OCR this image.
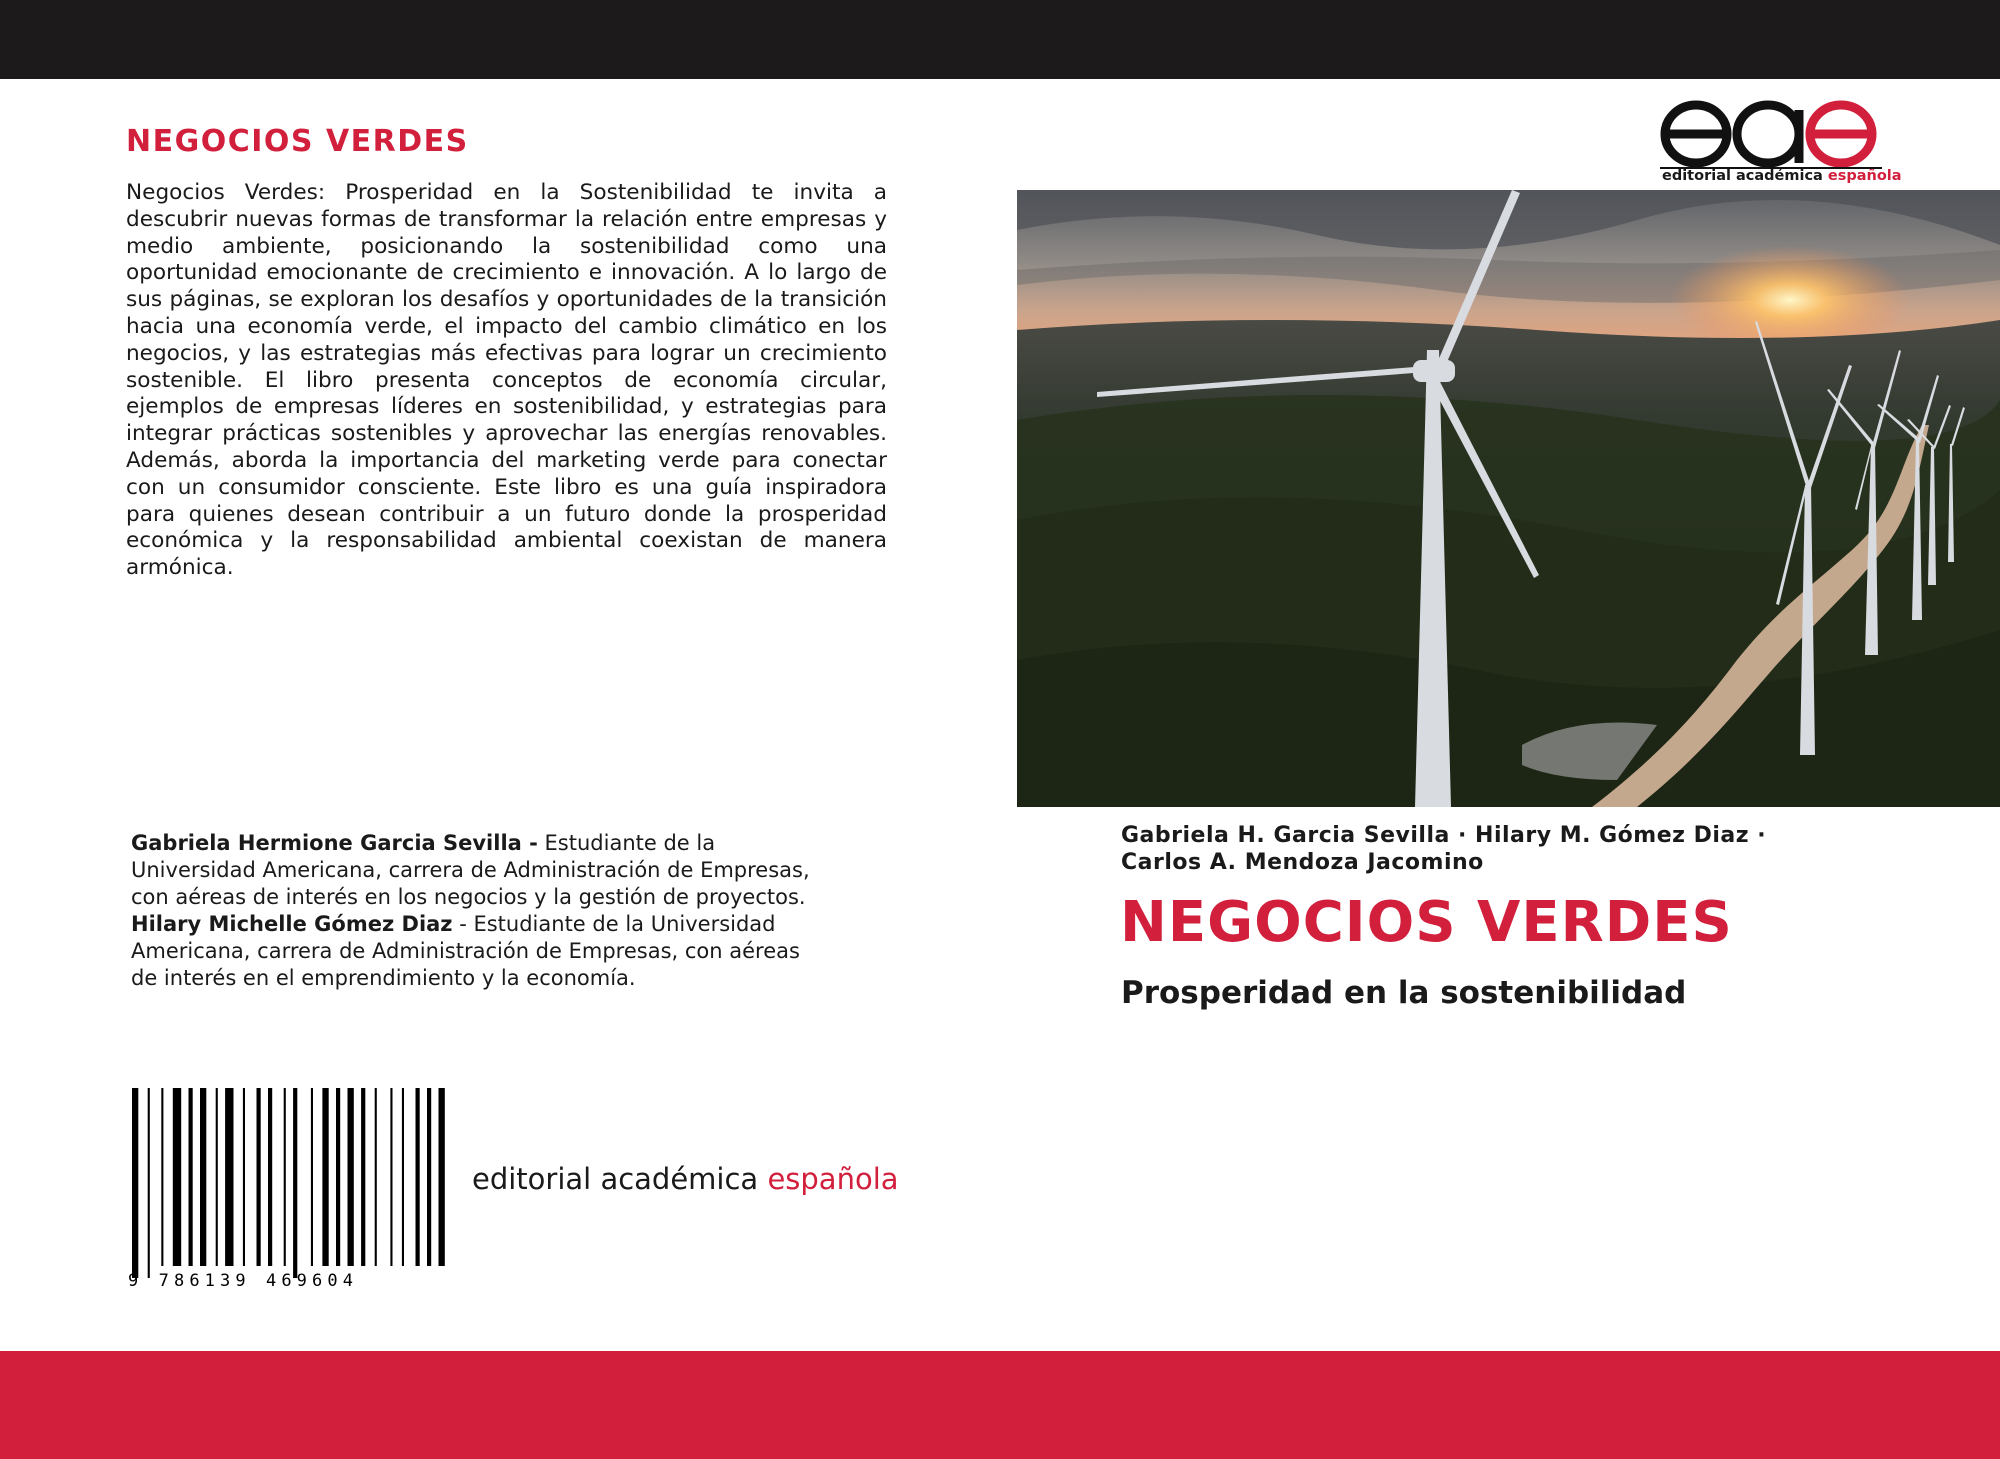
NEGOCIOS VERDES

Negocios Verdes: Prosperidad en la Sostenibilidad te invita a descubrir nuevas formas de transformar la relación entre empresas y medio ambiente, posicionando la sostenibilidad como una oportunidad emocionante de crecimiento e innovación. A lo largo de sus páginas, se exploran los desafíos y oportunidades de la transición hacia una economía verde, el impacto del cambio climático en los negocios, y las estrategias más efectivas para lograr un crecimiento sostenible. El libro presenta conceptos de economía circular, ejemplos de empresas líderes en sostenibilidad, y estrategias para integrar prácticas sostenibles y aprovechar las energías renovables. Además, aborda la importancia del marketing verde para conectar con un consumidor consciente. Este libro es una guía inspiradora para quienes desean contribuir a un futuro donde la prosperidad económica y la responsabilidad ambiental coexistan de manera armónica.

Gabriela Hermione Garcia Sevilla - Estudiante de la Universidad Americana, carrera de Administración de Empresas, con aéreas de interés en los negocios y la gestión de proyectos. Hilary Michelle Gómez Diaz - Estudiante de la Universidad Americana, carrera de Administración de Empresas, con aéreas de interés en el emprendimiento y la economía.

9 786139 469604
editorial académica española
editorial académica española
Gabriela H. Garcia Sevilla · Hilary M. Gómez Diaz ·
Carlos A. Mendoza Jacomino
NEGOCIOS VERDES
Prosperidad en la sostenibilidad
